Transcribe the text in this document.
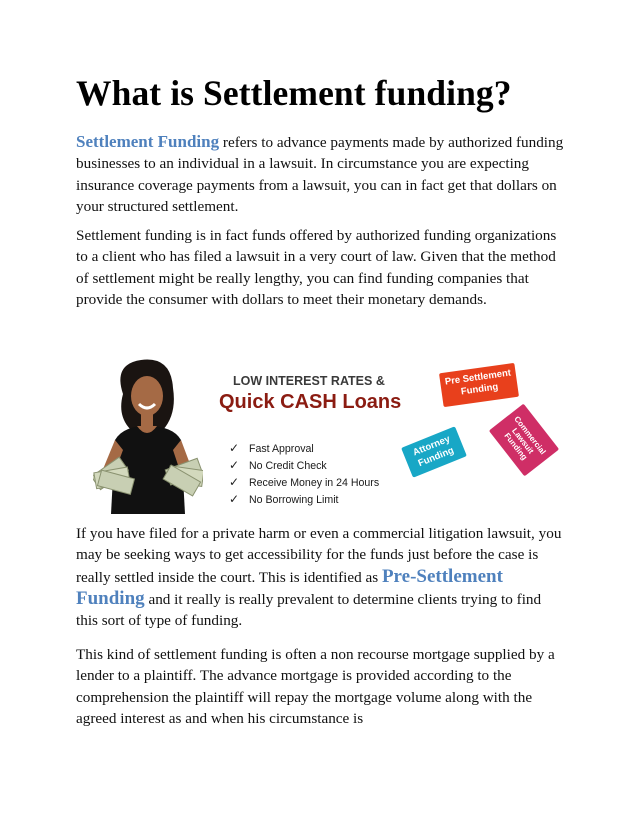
What is Settlement funding?

Settlement Funding refers to advance payments made by authorized funding businesses to an individual in a lawsuit. In circumstance you are expecting insurance coverage payments from a lawsuit, you can in fact get that dollars on your structured settlement.

Settlement funding is in fact funds offered by authorized funding organizations to a client who has filed a lawsuit in a very court of law. Given that the method of settlement might be really lengthy, you can find funding companies that provide the consumer with dollars to meet their monetary demands.

If you have filed for a private harm or even a commercial litigation lawsuit, you may be seeking ways to get accessibility for the funds just before the case is really settled inside the court. This is identified as Pre-Settlement Funding and it really is really prevalent to determine clients trying to find this sort of type of funding.

This kind of settlement funding is often a non recourse mortgage supplied by a lender to a plaintiff. The advance mortgage is provided according to the comprehension the plaintiff will repay the mortgage volume along with the agreed interest as and when his circumstance is

LOW INTEREST RATES &
Quick CASH Loans
✓ Fast Approval
✓ No Credit Check
✓ Receive Money in 24 Hours
✓ No Borrowing Limit
Pre Settlement Funding
Attorney Funding
Commercial Lawsuit Funding
